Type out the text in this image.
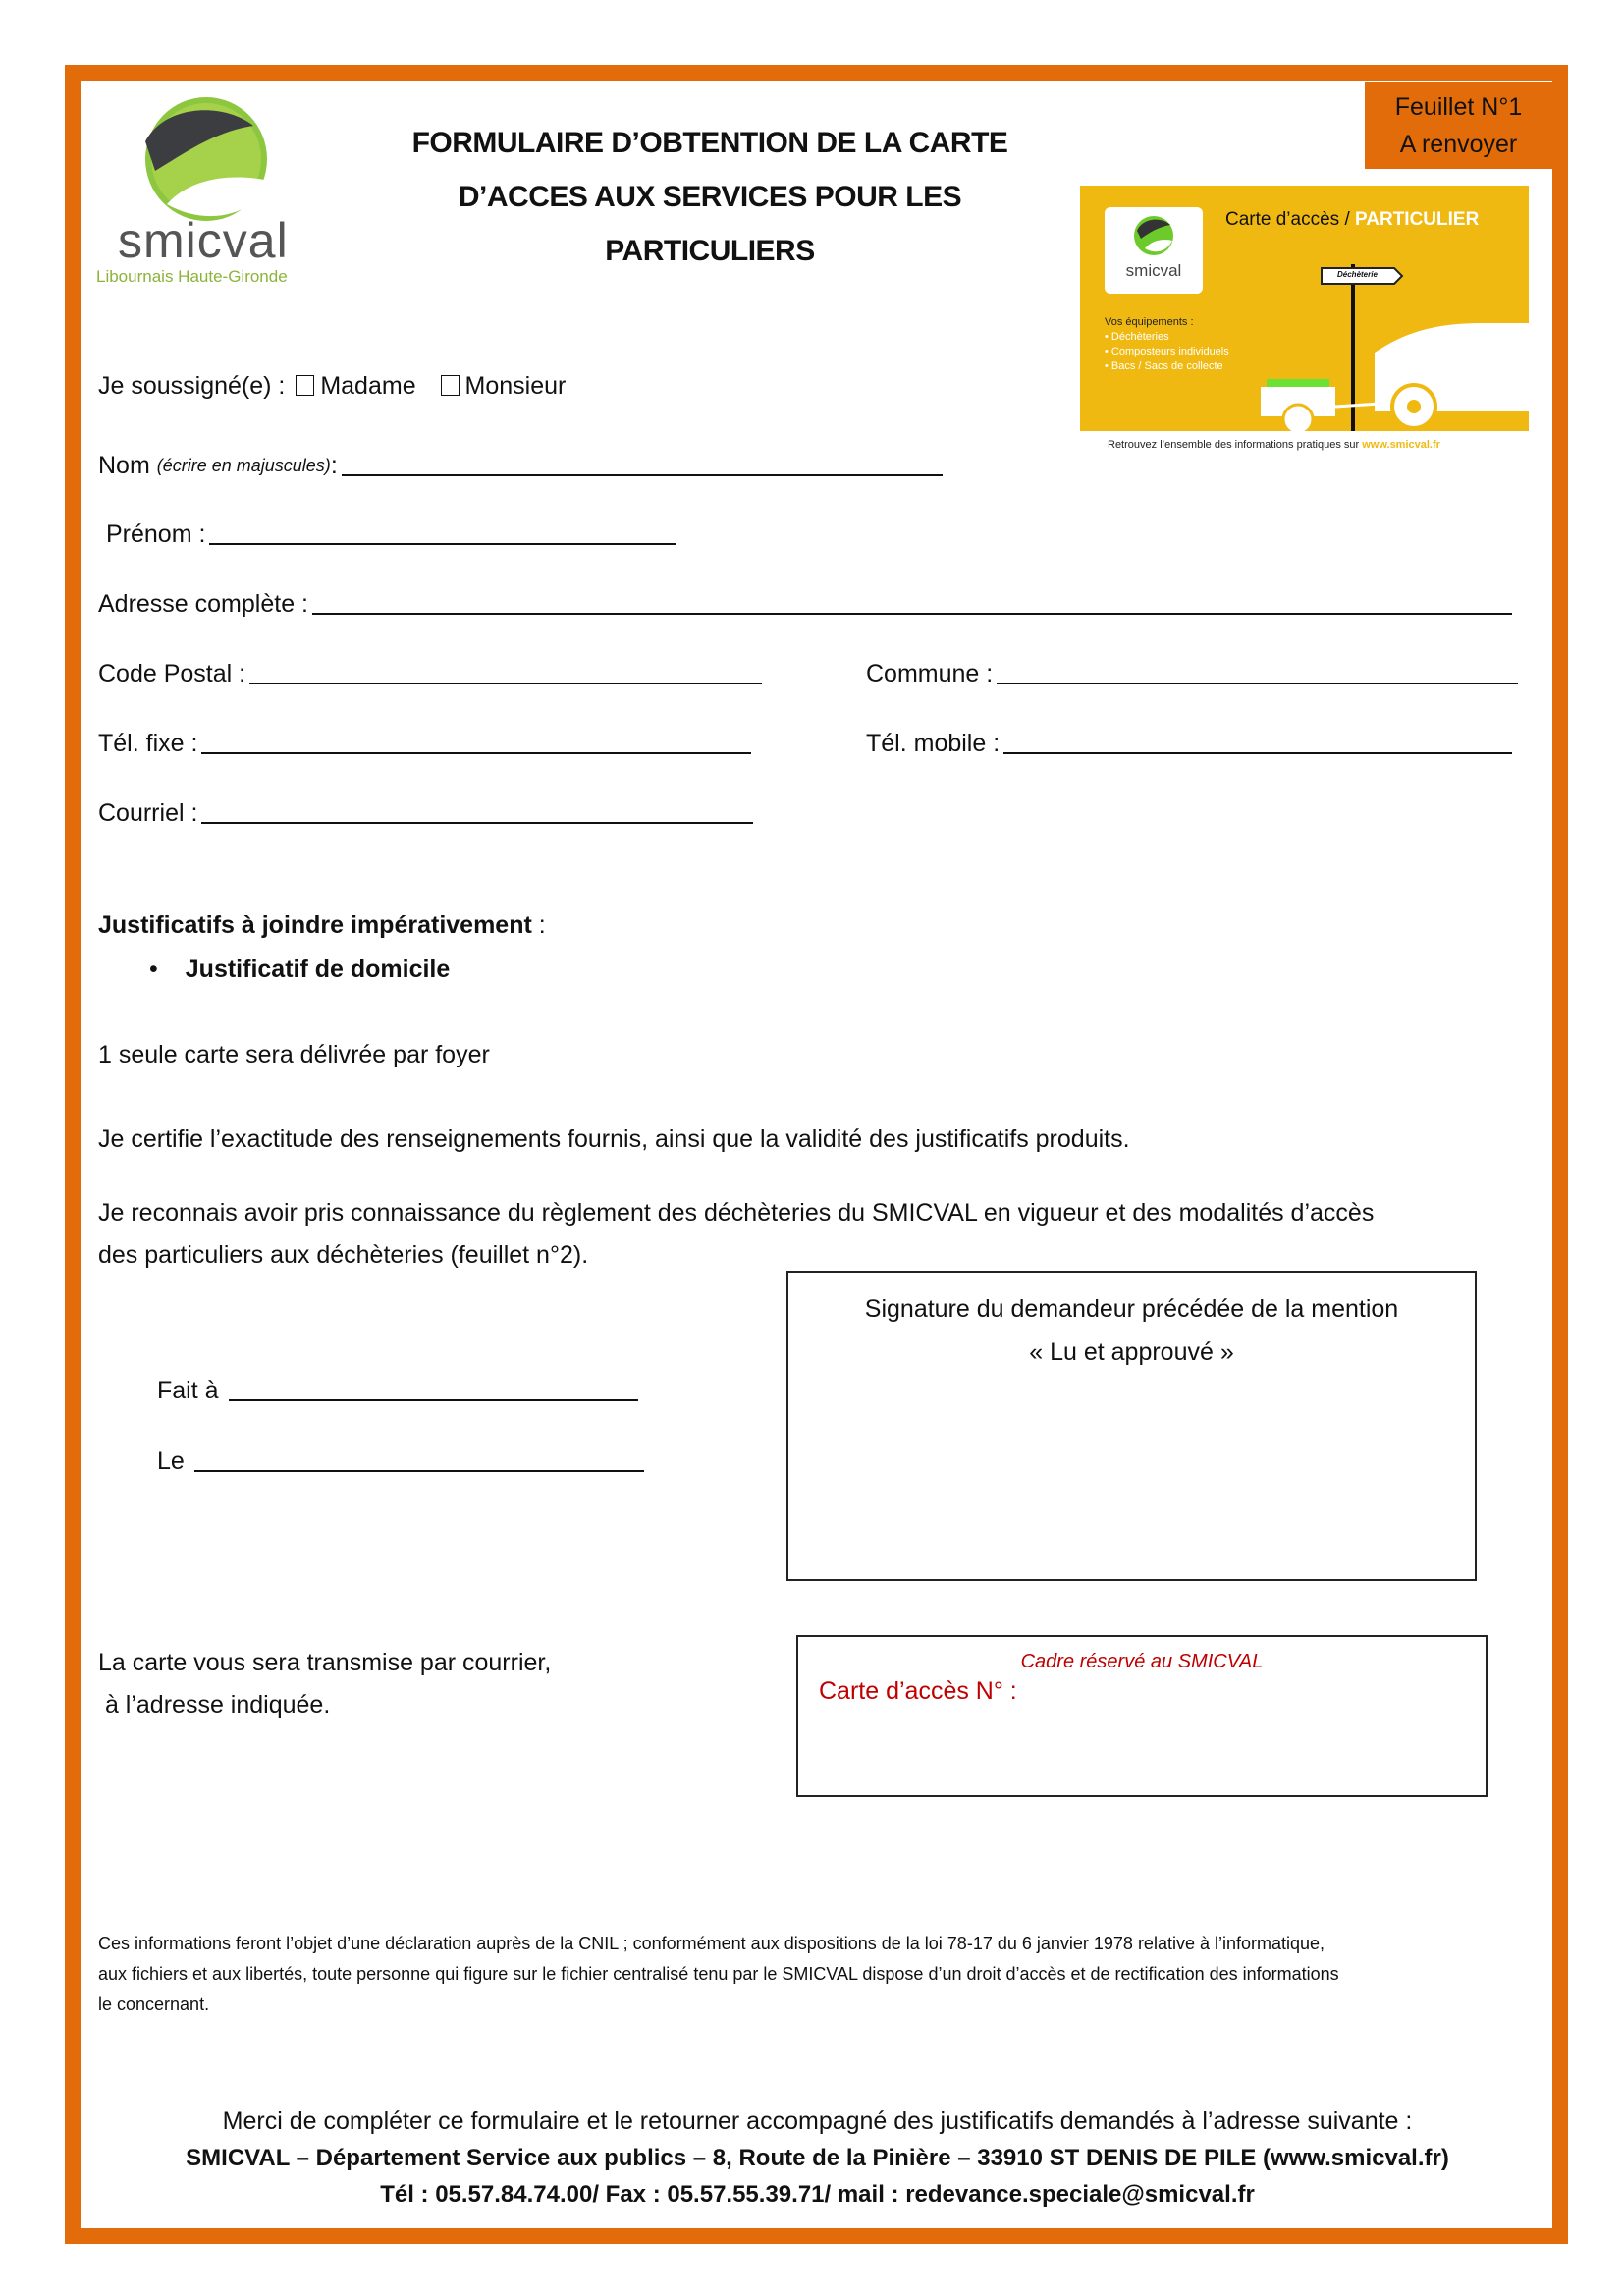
smicval
Libournais Haute-Gironde
FORMULAIRE D’OBTENTION DE LA CARTE
D’ACCES AUX SERVICES POUR LES
PARTICULIERS
Feuillet N°1
A renvoyer
smicval
Carte d’accès / PARTICULIER
Vos équipements :
• Déchèteries
• Composteurs individuels
• Bacs / Sacs de collecte
Déchèterie
Retrouvez l’ensemble des informations pratiques sur www.smicval.fr
Je soussigné(e) : Madame Monsieur
Nom
(écrire en majuscules) :
Prénom :
Adresse complète :
Code Postal :	Commune :
Tél. fixe :	Tél. mobile :
Courriel :
Justificatifs à joindre impérativement :
• Justificatif de domicile
1 seule carte sera délivrée par foyer
Je certifie l’exactitude des renseignements fournis, ainsi que la validité des justificatifs produits.
Je reconnais avoir pris connaissance du règlement des déchèteries du SMICVAL en vigueur et des modalités d’accès
des particuliers aux déchèteries (feuillet n°2).
Signature du demandeur précédée de la mention
« Lu et approuvé »
Fait à
Le
La carte vous sera transmise par courrier,
à l’adresse indiquée.
Cadre réservé au SMICVAL
Carte d’accès N° :
Ces informations feront l’objet d’une déclaration auprès de la CNIL ; conformément aux dispositions de la loi 78-17 du 6 janvier 1978 relative à l’informatique,
aux fichiers et aux libertés, toute personne qui figure sur le fichier centralisé tenu par le SMICVAL dispose d’un droit d’accès et de rectification des informations
le concernant.
Merci de compléter ce formulaire et le retourner accompagné des justificatifs demandés à l’adresse suivante :
SMICVAL – Département Service aux publics – 8, Route de la Pinière – 33910 ST DENIS DE PILE (www.smicval.fr)
Tél : 05.57.84.74.00/ Fax : 05.57.55.39.71/ mail : redevance.speciale@smicval.fr
